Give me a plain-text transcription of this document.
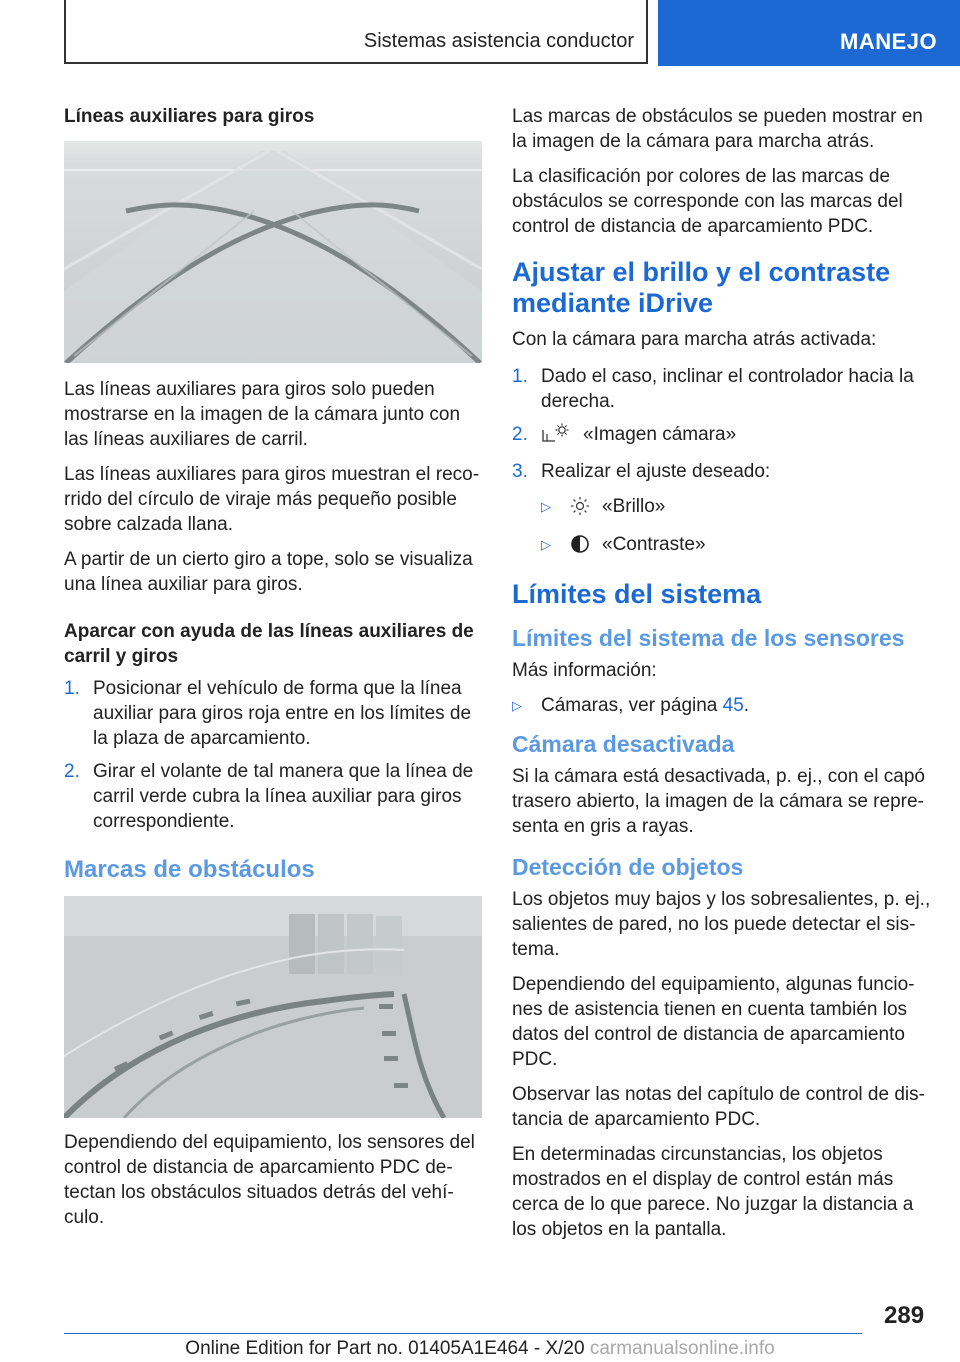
Sistemas asistencia conductor	MANEJO
Líneas auxiliares para giros

Las líneas auxiliares para giros solo pueden mostrarse en la imagen de la cámara junto con las líneas auxiliares de carril.

Las líneas auxiliares para giros muestran el recorrido del círculo de viraje más pequeño posible sobre calzada llana.

A partir de un cierto giro a tope, solo se visualiza una línea auxiliar para giros.

Aparcar con ayuda de las líneas auxiliares de carril y giros
1. Posicionar el vehículo de forma que la línea auxiliar para giros roja entre en los límites de la plaza de aparcamiento.
2. Girar el volante de tal manera que la línea de carril verde cubra la línea auxiliar para giros correspondiente.
Marcas de obstáculos

Dependiendo del equipamiento, los sensores del control de distancia de aparcamiento PDC detectan los obstáculos situados detrás del vehículo.

Las marcas de obstáculos se pueden mostrar en la imagen de la cámara para marcha atrás.

La clasificación por colores de las marcas de obstáculos se corresponde con las marcas del control de distancia de aparcamiento PDC.

Ajustar el brillo y el contraste mediante iDrive

Con la cámara para marcha atrás activada:

1. Dado el caso, inclinar el controlador hacia la derecha.
2.	«Imagen cámara»
3. Realizar el ajuste deseado:
▷	«Brillo»
▷	«Contraste»
Límites del sistema
Límites del sistema de los sensores

Más información:

▷ Cámaras, ver página 45.
Cámara desactivada

Si la cámara está desactivada, p. ej., con el capó trasero abierto, la imagen de la cámara se representa en gris a rayas.

Detección de objetos

Los objetos muy bajos y los sobresalientes, p. ej., salientes de pared, no los puede detectar el sistema.

Dependiendo del equipamiento, algunas funciones de asistencia tienen en cuenta también los datos del control de distancia de aparcamiento PDC.

Observar las notas del capítulo de control de distancia de aparcamiento PDC.

En determinadas circunstancias, los objetos mostrados en el display de control están más cerca de lo que parece. No juzgar la distancia a los objetos en la pantalla.

289
Online Edition for Part no. 01405A1E464 - X/20 carmanualsonline.info
